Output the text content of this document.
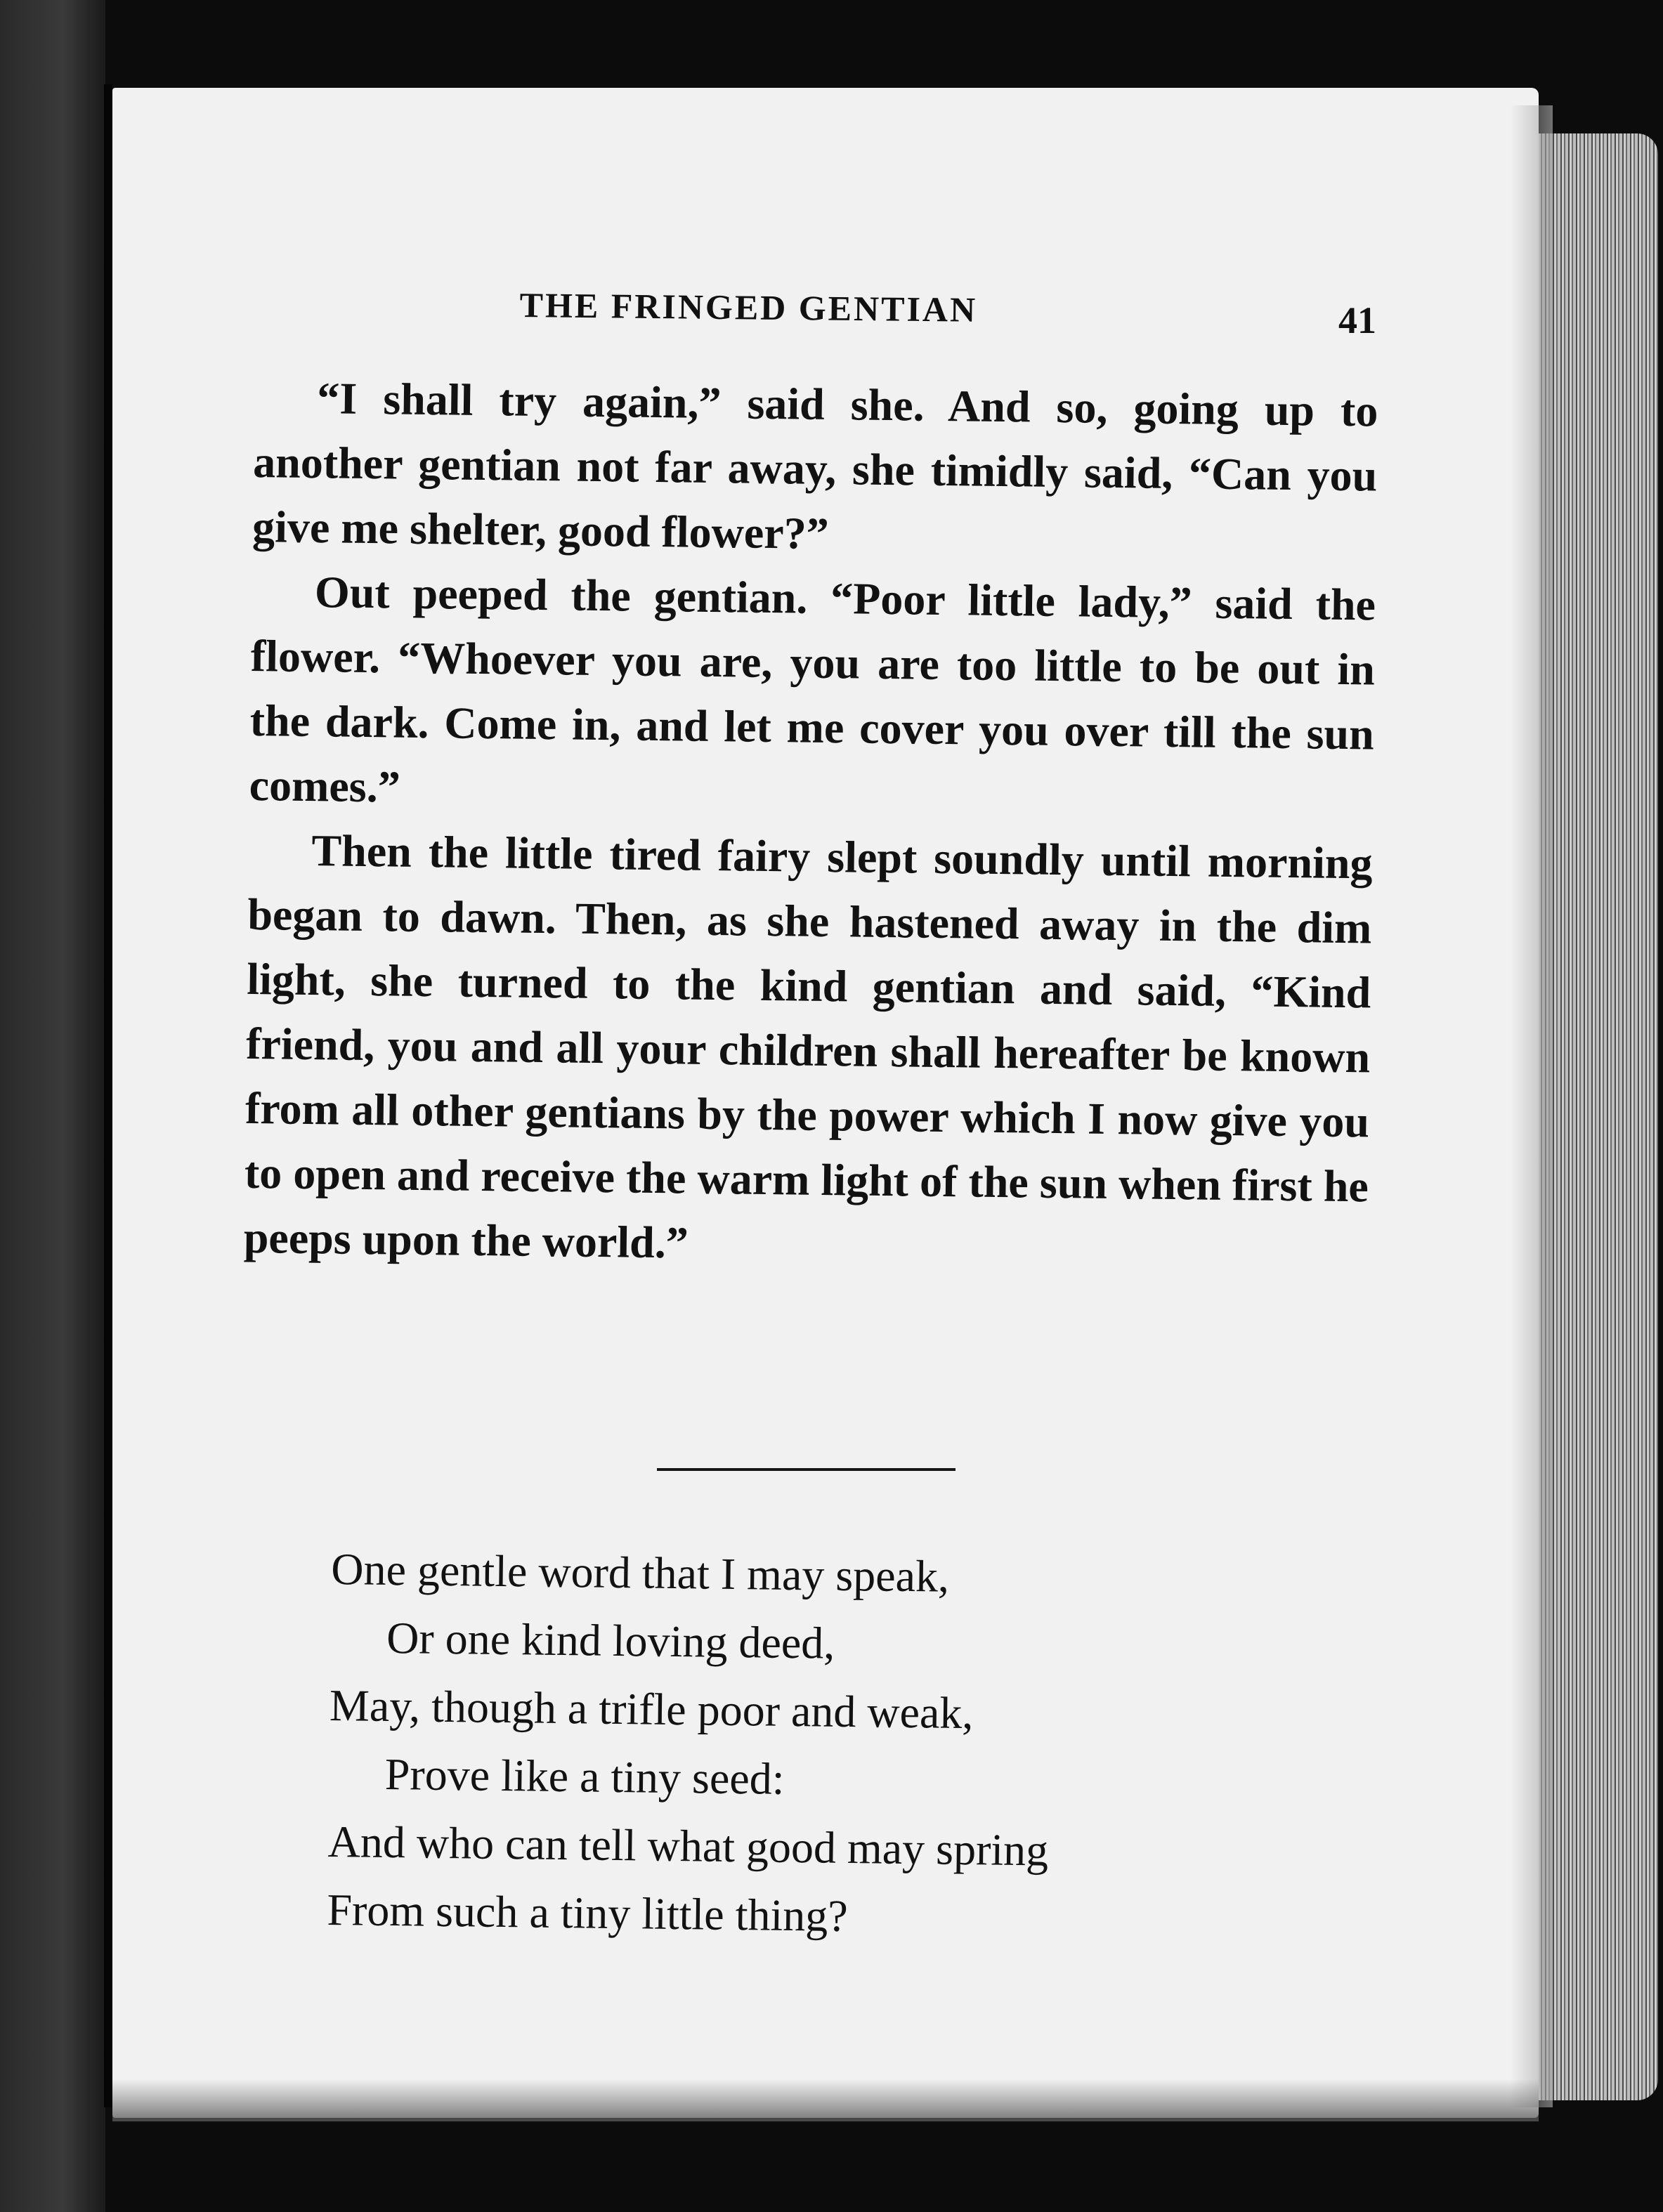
THE FRINGED GENTIAN	41

“I shall try again,” said she. And so, going up to another gentian not far away, she timidly said, “Can you give me shelter, good flower?”

Out peeped the gentian. “Poor little lady,” said the flower. “Whoever you are, you are too little to be out in the dark. Come in, and let me cover you over till the sun comes.”

Then the little tired fairy slept soundly until morning began to dawn. Then, as she hastened away in the dim light, she turned to the kind gentian and said, “Kind friend, you and all your children shall hereafter be known from all other gentians by the power which I now give you to open and receive the warm light of the sun when first he peeps upon the world.”

One gentle word that I may speak,
Or one kind loving deed,
May, though a trifle poor and weak,
Prove like a tiny seed:
And who can tell what good may spring
From such a tiny little thing?
